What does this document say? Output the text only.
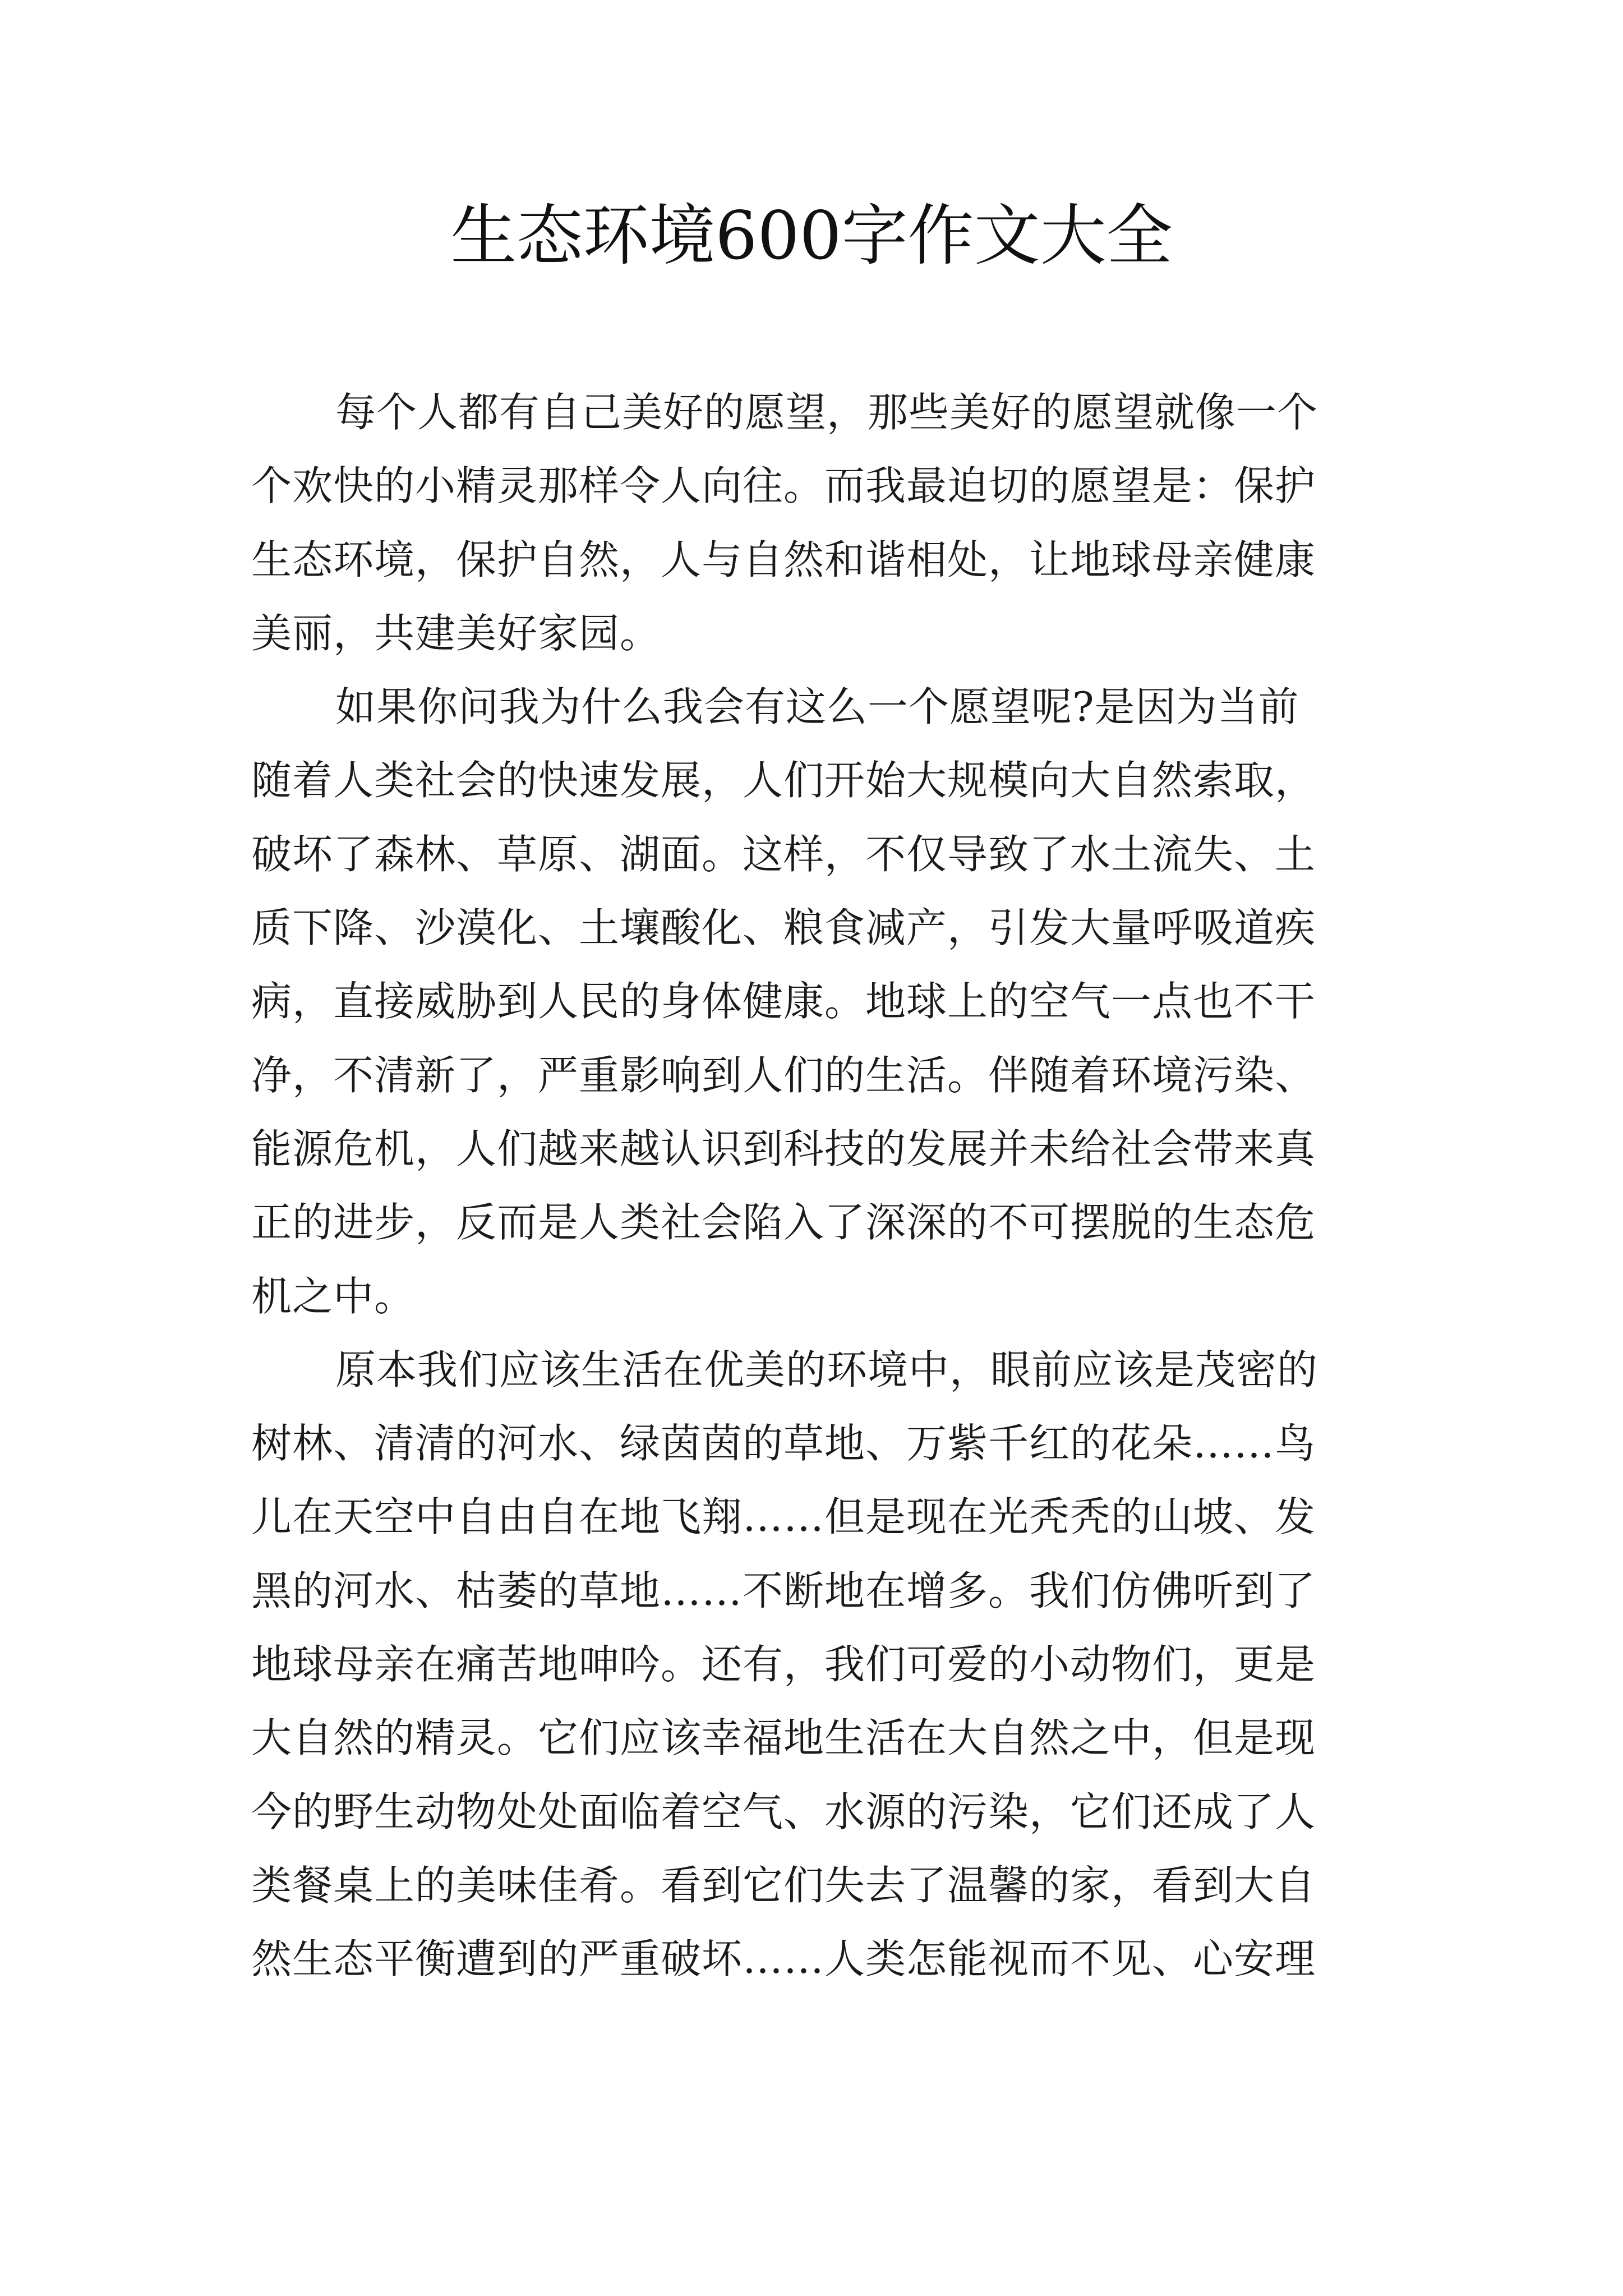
生态环境600字作文大全

每个人都有自己美好的愿望，那些美好的愿望就像一个
个欢快的小精灵那样令人向往。而我最迫切的愿望是：保护
生态环境，保护自然，人与自然和谐相处，让地球母亲健康
美丽，共建美好家园。

如果你问我为什么我会有这么一个愿望呢?是因为当前
随着人类社会的快速发展，人们开始大规模向大自然索取，
破坏了森林、草原、湖面。这样，不仅导致了水土流失、土
质下降、沙漠化、土壤酸化、粮食减产，引发大量呼吸道疾
病，直接威胁到人民的身体健康。地球上的空气一点也不干
净，不清新了，严重影响到人们的生活。伴随着环境污染、
能源危机，人们越来越认识到科技的发展并未给社会带来真
正的进步，反而是人类社会陷入了深深的不可摆脱的生态危
机之中。

原本我们应该生活在优美的环境中，眼前应该是茂密的
树林、清清的河水、绿茵茵的草地、万紫千红的花朵……鸟
儿在天空中自由自在地飞翔……但是现在光秃秃的山坡、发
黑的河水、枯萎的草地……不断地在增多。我们仿佛听到了
地球母亲在痛苦地呻吟。还有，我们可爱的小动物们，更是
大自然的精灵。它们应该幸福地生活在大自然之中，但是现
今的野生动物处处面临着空气、水源的污染，它们还成了人
类餐桌上的美味佳肴。看到它们失去了温馨的家，看到大自
然生态平衡遭到的严重破坏……人类怎能视而不见、心安理
